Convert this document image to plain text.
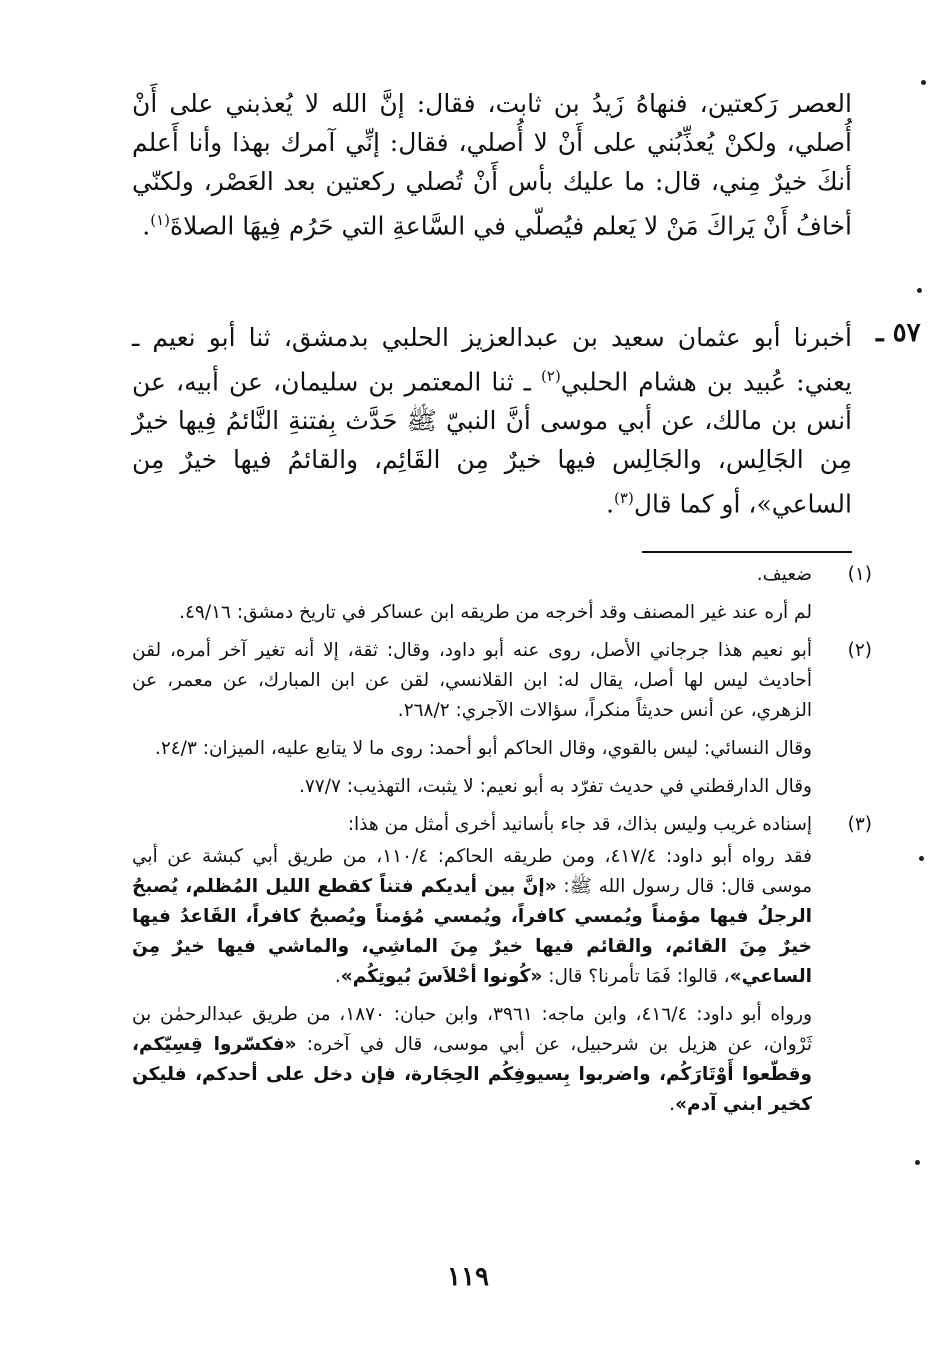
العصر رَكعتين، فنهاهُ زَيدُ بن ثابت، فقال: إنَّ الله لا يُعذبني على أَنْ أُصلي، ولكنْ يُعذِّبُني على أَنْ لا أُصلي، فقال: إنِّي آمرك بهذا وأنا أَعلم أنكَ خيرٌ مِني، قال: ما عليك بأس أَنْ تُصلي ركعتين بعد العَصْر، ولكنّي أخافُ أَنْ يَراكَ مَنْ لا يَعلم فيُصلّي في السَّاعةِ التي حَرُم فِيهَا الصلاةَ$^{(١)}$.

٥٧ ـ

أخبرنا أبو عثمان سعيد بن عبدالعزيز الحلبي بدمشق، ثنا أبو نعيم ـ يعني: عُبيد بن هشام الحلبي$^{(٢)}$ ـ ثنا المعتمر بن سليمان، عن أبيه، عن أنس بن مالك، عن أبي موسى أنَّ النبيّ ﷺ حَدَّث بِفتنةِ النَّائمُ فِيها خيرٌ مِن الجَالِس، والجَالِس فيها خيرٌ مِن القَائِم، والقائمُ فيها خيرٌ مِن الساعي»، أو كما قال$^{(٣)}$.

(١)

ضعيف.

لم أره عند غير المصنف وقد أخرجه من طريقه ابن عساكر في تاريخ دمشق: ٤٩/١٦.

(٢)

أبو نعيم هذا جرجاني الأصل، روى عنه أبو داود، وقال: ثقة، إلا أنه تغير آخر أمره، لقن أحاديث ليس لها أصل، يقال له: ابن القلانسي، لقن عن ابن المبارك، عن معمر، عن الزهري، عن أنس حديثاً منكراً، سؤالات الآجري: ٢٦٨/٢.

وقال النسائي: ليس بالقوي، وقال الحاكم أبو أحمد: روى ما لا يتابع عليه، الميزان: ٢٤/٣.

وقال الدارقطني في حديث تفرّد به أبو نعيم: لا يثبت، التهذيب: ٧٧/٧.

(٣)

إسناده غريب وليس بذاك، قد جاء بأسانيد أخرى أمثل من هذا:

فقد رواه أبو داود: ٤١٧/٤، ومن طريقه الحاكم: ١١٠/٤، من طريق أبي كبشة عن أبي موسى قال: قال رسول الله ﷺ: «إنَّ بين أيديكم فتناً كقطع الليل المُظلم، يُصبحُ الرجلُ فيها مؤمناً ويُمسي كافراً، ويُمسي مُؤمناً ويُصبحُ كافراً، القَاعدُ فيها خيرٌ مِنَ القائم، والقائم فيها خيرٌ مِنَ الماشِي، والماشي فيها خيرٌ مِنَ الساعي»، قالوا: فَمَا تأمرنا؟ قال: «كُونوا أحْلاَسَ بُيوتِكُم».

ورواه أبو داود: ٤١٦/٤، وابن ماجه: ٣٩٦١، وابن حبان: ١٨٧٠، من طريق عبدالرحمٰن بن ثَرْوان، عن هزيل بن شرحبيل، عن أبي موسى، قال في آخره: «فكسّروا قِسِيّكم، وقطّعوا أَوْتَارَكُم، واضربوا بِسيوفِكُم الحِجَارة، فإن دخل على أحدكم، فليكن كخير ابني آدم».

١١٩
